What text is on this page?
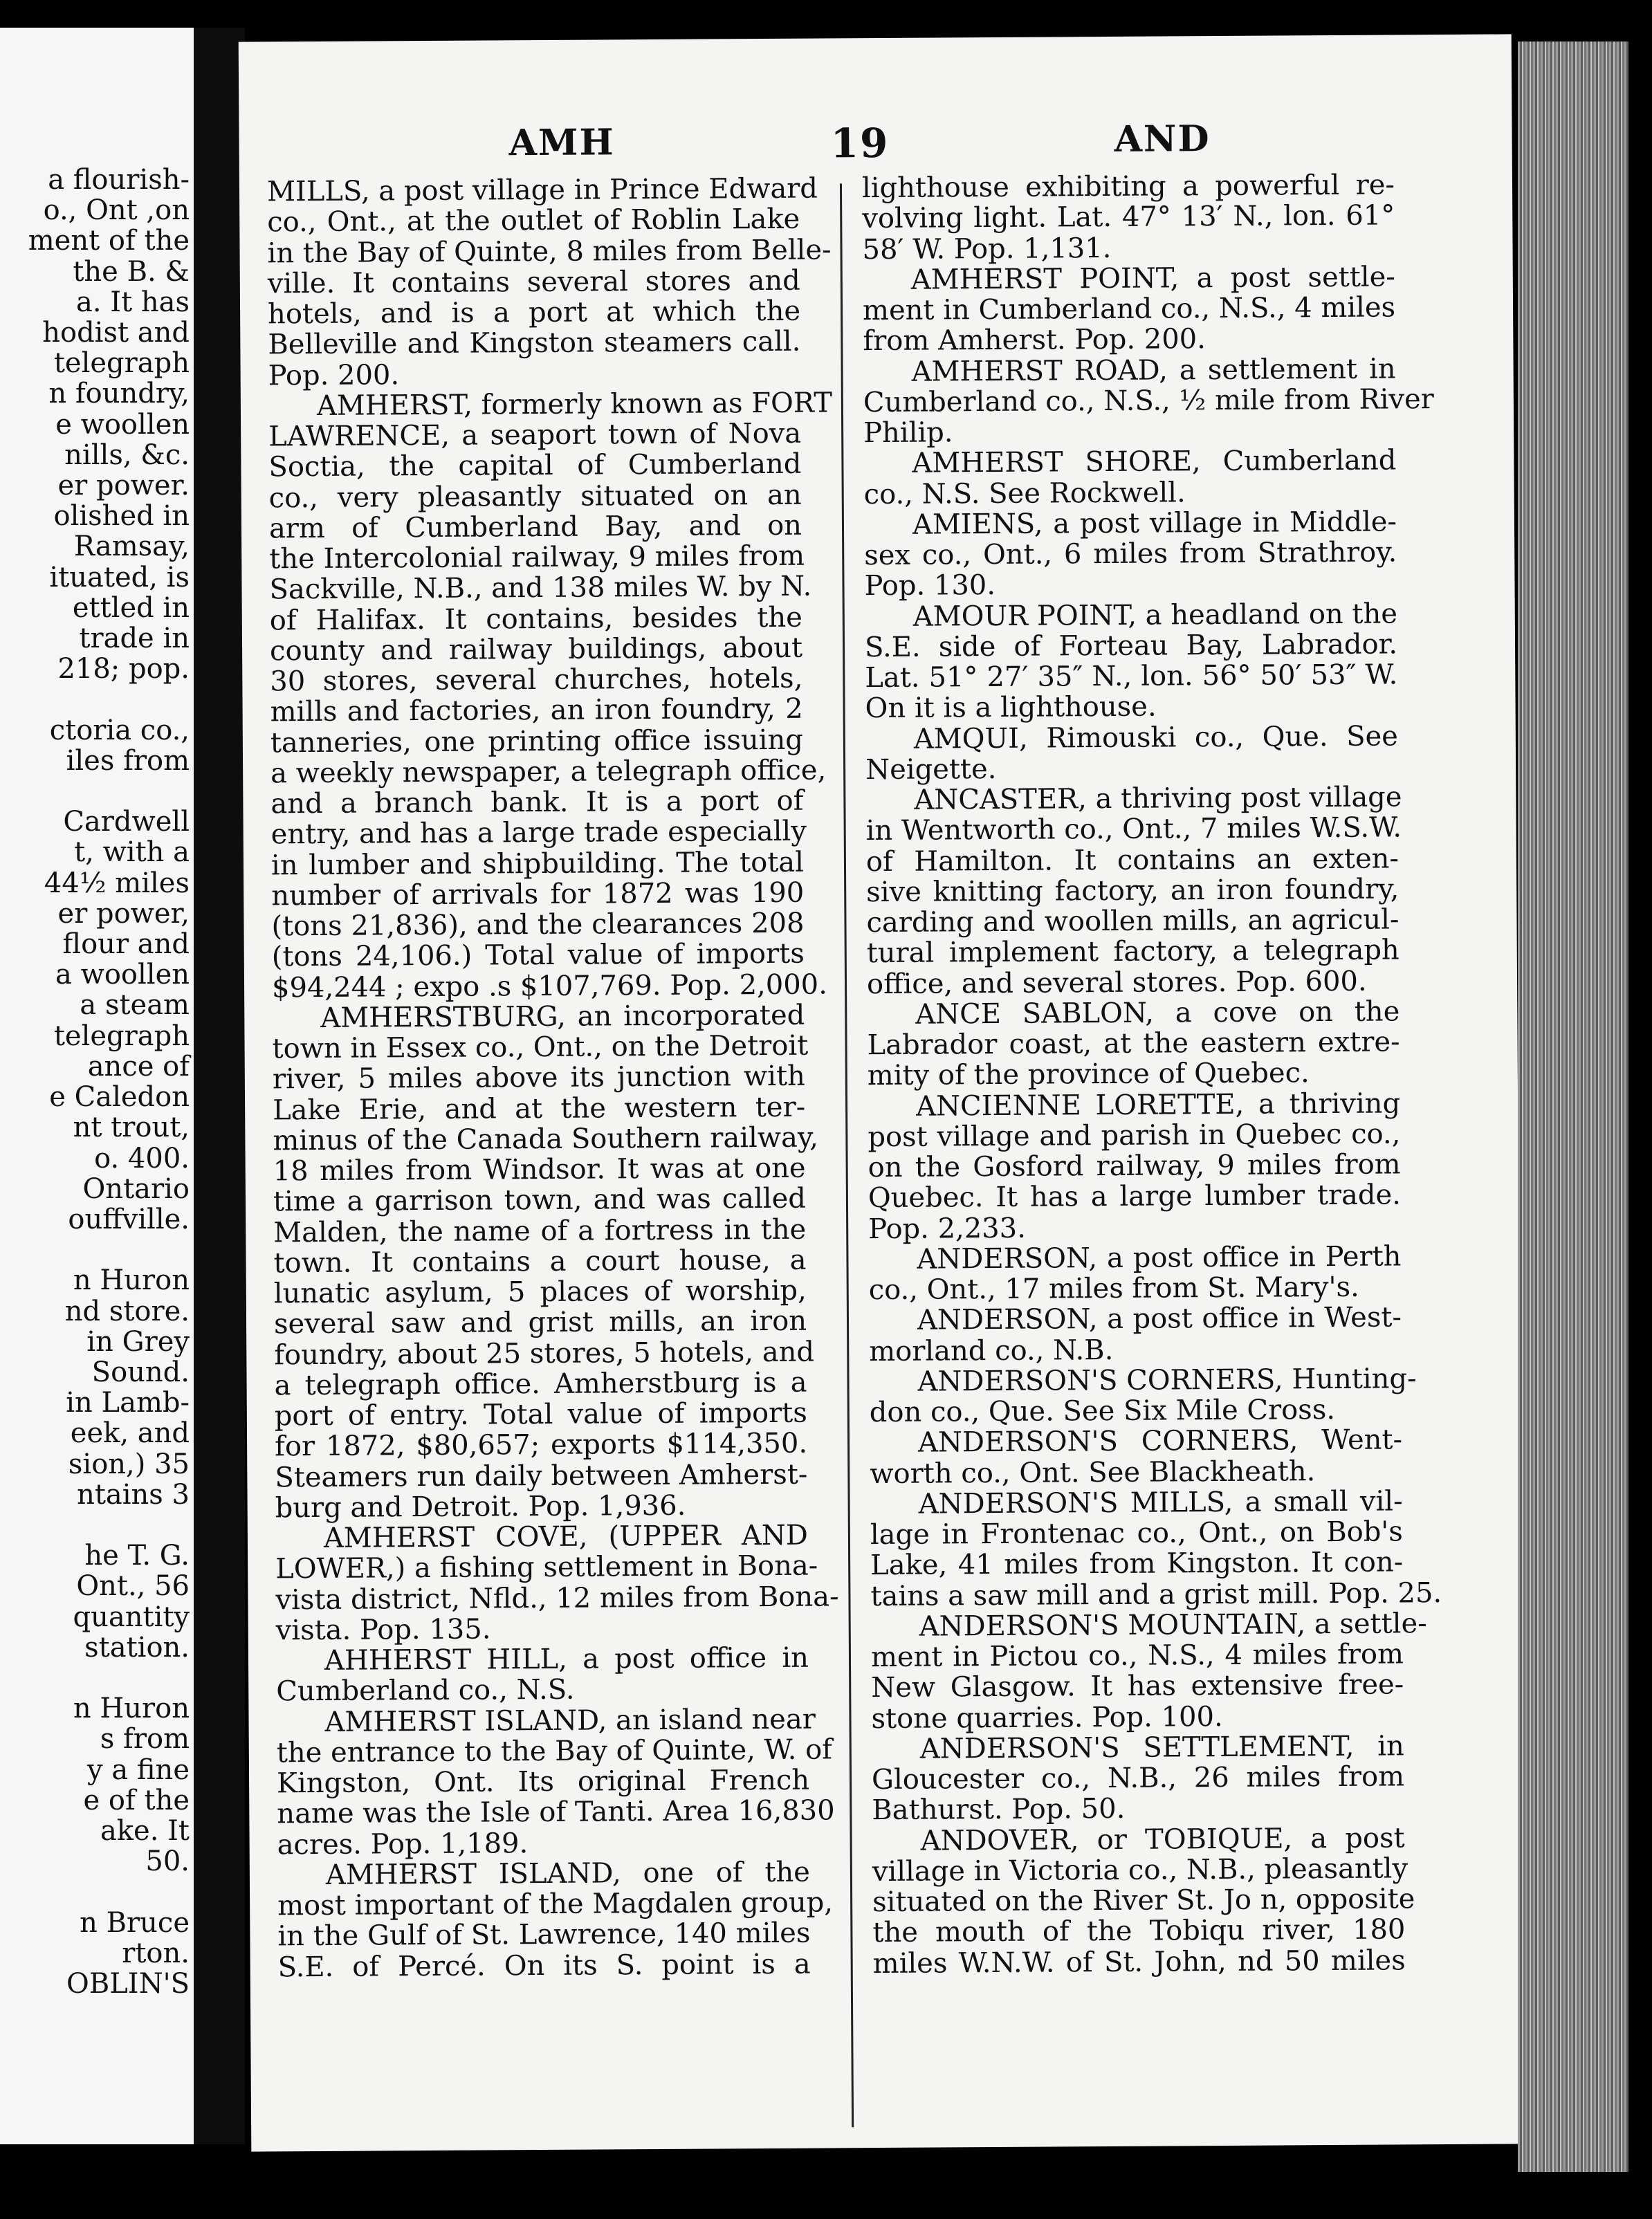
a flourish-
o., Ont ,on
ment of the
the B. &
a. It has
hodist and
telegraph
n foundry,
e woollen
nills, &c.
er power.
olished in
Ramsay,
ituated, is
ettled in
trade in
218; pop.

ctoria co.,
iles from

Cardwell
t, with a
44½ miles
er power,
flour and
a woollen
a steam
telegraph
ance of
e Caledon
nt trout,
o. 400.
Ontario
ouffville.

n Huron
nd store.
in Grey
Sound.
in Lamb-
eek, and
sion,) 35
ntains 3

he T. G.
Ont., 56
quantity
station.

n Huron
s from
y a fine
e of the
ake. It
50.

n Bruce
rton.
OBLIN'S
AMH	19	AND
MILLS, a post village in Prince Edward
co., Ont., at the outlet of Roblin Lake
in the Bay of Quinte, 8 miles from Belle-
ville. It contains several stores and
hotels, and is a port at which the
Belleville and Kingston steamers call.
Pop. 200.
AMHERST, formerly known as FORT
LAWRENCE, a seaport town of Nova
Soctia, the capital of Cumberland
co., very pleasantly situated on an
arm of Cumberland Bay, and on
the Intercolonial railway, 9 miles from
Sackville, N.B., and 138 miles W. by N.
of Halifax. It contains, besides the
county and railway buildings, about
30 stores, several churches, hotels,
mills and factories, an iron foundry, 2
tanneries, one printing office issuing
a weekly newspaper, a telegraph office,
and a branch bank. It is a port of
entry, and has a large trade especially
in lumber and shipbuilding. The total
number of arrivals for 1872 was 190
(tons 21,836), and the clearances 208
(tons 24,106.) Total value of imports
$94,244 ; expo .s $107,769. Pop. 2,000.
AMHERSTBURG, an incorporated
town in Essex co., Ont., on the Detroit
river, 5 miles above its junction with
Lake Erie, and at the western ter-
minus of the Canada Southern railway,
18 miles from Windsor. It was at one
time a garrison town, and was called
Malden, the name of a fortress in the
town. It contains a court house, a
lunatic asylum, 5 places of worship,
several saw and grist mills, an iron
foundry, about 25 stores, 5 hotels, and
a telegraph office. Amherstburg is a
port of entry. Total value of imports
for 1872, $80,657; exports $114,350.
Steamers run daily between Amherst-
burg and Detroit. Pop. 1,936.
AMHERST COVE, (UPPER AND
LOWER,) a fishing settlement in Bona-
vista district, Nfld., 12 miles from Bona-
vista. Pop. 135.
AHHERST HILL, a post office in
Cumberland co., N.S.
AMHERST ISLAND, an island near
the entrance to the Bay of Quinte, W. of
Kingston, Ont. Its original French
name was the Isle of Tanti. Area 16,830
acres. Pop. 1,189.
AMHERST ISLAND, one of the
most important of the Magdalen group,
in the Gulf of St. Lawrence, 140 miles
S.E. of Percé. On its S. point is a
lighthouse exhibiting a powerful re-
volving light. Lat. 47° 13′ N., lon. 61°
58′ W. Pop. 1,131.
AMHERST POINT, a post settle-
ment in Cumberland co., N.S., 4 miles
from Amherst. Pop. 200.
AMHERST ROAD, a settlement in
Cumberland co., N.S., ½ mile from River
Philip.
AMHERST SHORE, Cumberland
co., N.S. See Rockwell.
AMIENS, a post village in Middle-
sex co., Ont., 6 miles from Strathroy.
Pop. 130.
AMOUR POINT, a headland on the
S.E. side of Forteau Bay, Labrador.
Lat. 51° 27′ 35″ N., lon. 56° 50′ 53″ W.
On it is a lighthouse.
AMQUI, Rimouski co., Que. See
Neigette.
ANCASTER, a thriving post village
in Wentworth co., Ont., 7 miles W.S.W.
of Hamilton. It contains an exten-
sive knitting factory, an iron foundry,
carding and woollen mills, an agricul-
tural implement factory, a telegraph
office, and several stores. Pop. 600.
ANCE SABLON, a cove on the
Labrador coast, at the eastern extre-
mity of the province of Quebec.
ANCIENNE LORETTE, a thriving
post village and parish in Quebec co.,
on the Gosford railway, 9 miles from
Quebec. It has a large lumber trade.
Pop. 2,233.
ANDERSON, a post office in Perth
co., Ont., 17 miles from St. Mary's.
ANDERSON, a post office in West-
morland co., N.B.
ANDERSON'S CORNERS, Hunting-
don co., Que. See Six Mile Cross.
ANDERSON'S CORNERS, Went-
worth co., Ont. See Blackheath.
ANDERSON'S MILLS, a small vil-
lage in Frontenac co., Ont., on Bob's
Lake, 41 miles from Kingston. It con-
tains a saw mill and a grist mill. Pop. 25.
ANDERSON'S MOUNTAIN, a settle-
ment in Pictou co., N.S., 4 miles from
New Glasgow. It has extensive free-
stone quarries. Pop. 100.
ANDERSON'S SETTLEMENT, in
Gloucester co., N.B., 26 miles from
Bathurst. Pop. 50.
ANDOVER, or TOBIQUE, a post
village in Victoria co., N.B., pleasantly
situated on the River St. Jo n, opposite
the mouth of the Tobiqu river, 180
miles W.N.W. of St. John, nd 50 miles
